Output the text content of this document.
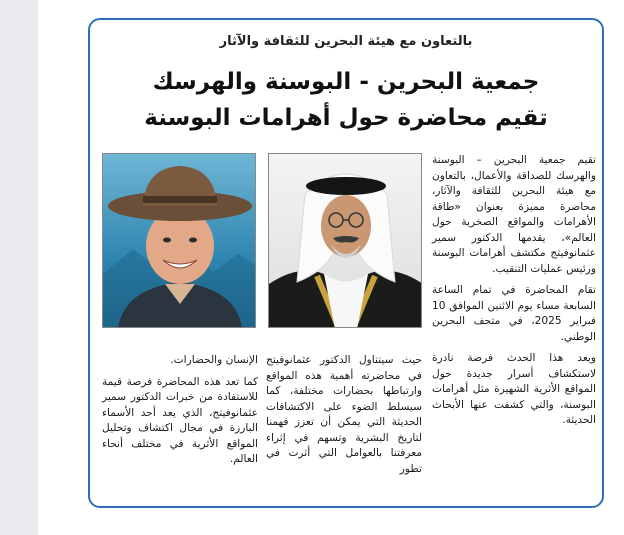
بالتعاون مع هيئة البحرين للثقافة والآثار
جمعية البحرين - البوسنة والهرسك
تقيم محاضرة حول أهرامات البوسنة

تقيم جمعية البحرين – البوسنة والهرسك للصداقة والأعمال، بالتعاون مع هيئة البحرين للثقافة والآثار، محاضرة مميزة بعنوان «طاقة الأهرامات والمواقع الصخرية حول العالم»، يقدمها الدكتور سمير عثمانوفيتج مكتشف أهرامات البوسنة ورئيس عمليات التنقيب.

تقام المحاضرة في تمام الساعة السابعة مساء يوم الاثنين الموافق 10 فبراير 2025، في متحف البحرين الوطني.

ويعد هذا الحدث فرصة نادرة لاستكشاف أسرار جديدة حول المواقع الأثرية الشهيرة مثل أهرامات البوسنة، والتي كشفت عنها الأبحاث الحديثة.

حيث سيتناول الدكتور عثمانوفيتج في محاضرته أهمية هذه المواقع وارتباطها بحضارات مختلفة، كما سيسلط الضوء على الاكتشافات الحديثة التي يمكن أن تعزز فهمنا لتاريخ البشرية وتسهم في إثراء معرفتنا بالعوامل التي أثرت في تطور

الإنسان والحضارات.

كما تعد هذه المحاضرة فرصة قيمة للاستفادة من خبرات الدكتور سمير عثمانوفيتج، الذي يعد أحد الأسماء البارزة في مجال اكتشاف وتحليل المواقع الأثرية في مختلف أنحاء العالم.
